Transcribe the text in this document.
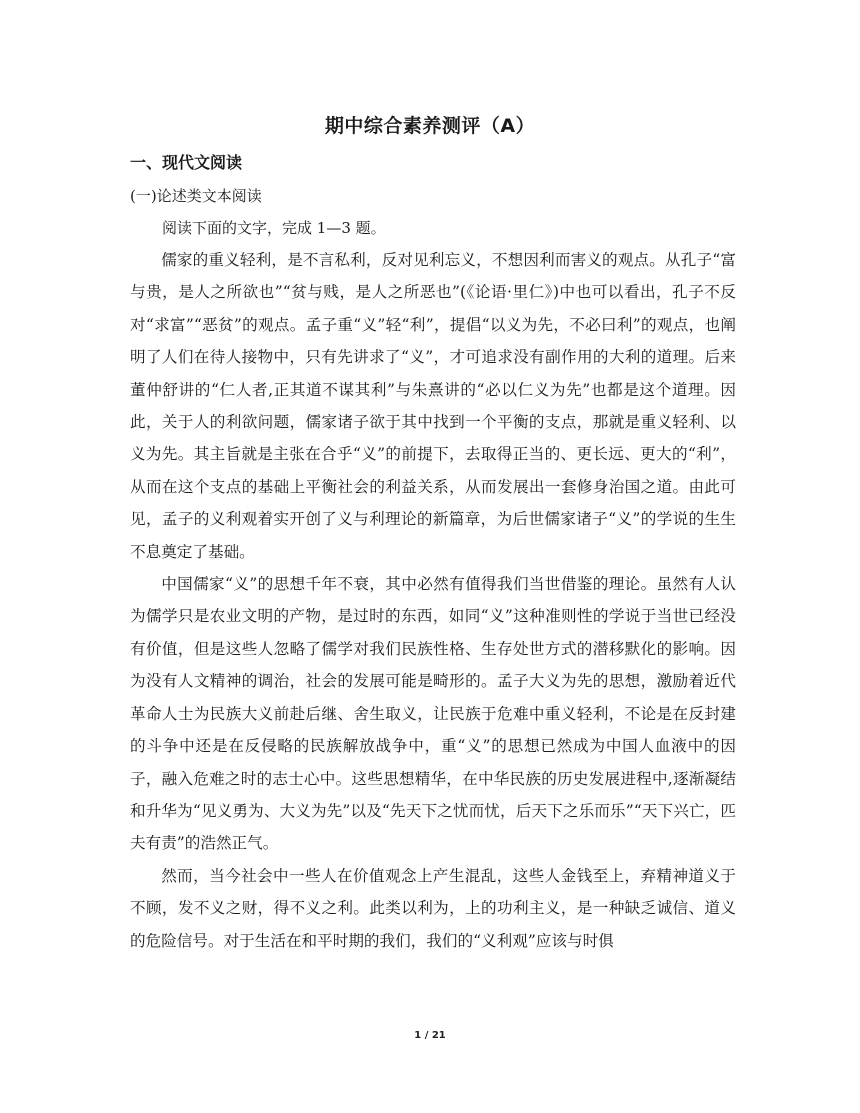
期中综合素养测评（A）
一、现代文阅读
(一)论述类文本阅读
阅读下面的文字，完成 1—3 题。

儒家的重义轻利，是不言私利，反对见利忘义，不想因利而害义的观点。从孔子“富与贵，是人之所欲也”“贫与贱，是人之所恶也”(《论语·里仁》)中也可以看出，孔子不反对“求富”“恶贫”的观点。孟子重“义”轻“利”，提倡“以义为先，不必曰利”的观点，也阐明了人们在待人接物中，只有先讲求了“义”，才可追求没有副作用的大利的道理。后来董仲舒讲的“仁人者,正其道不谋其利”与朱熹讲的“必以仁义为先”也都是这个道理。因此，关于人的利欲问题，儒家诸子欲于其中找到一个平衡的支点，那就是重义轻利、以义为先。其主旨就是主张在合乎“义”的前提下，去取得正当的、更长远、更大的“利”，从而在这个支点的基础上平衡社会的利益关系，从而发展出一套修身治国之道。由此可见，孟子的义利观着实开创了义与利理论的新篇章，为后世儒家诸子“义”的学说的生生不息奠定了基础。

中国儒家“义”的思想千年不衰，其中必然有值得我们当世借鉴的理论。虽然有人认为儒学只是农业文明的产物，是过时的东西，如同“义”这种准则性的学说于当世已经没有价值，但是这些人忽略了儒学对我们民族性格、生存处世方式的潜移默化的影响。因为没有人文精神的调治，社会的发展可能是畸形的。孟子大义为先的思想，激励着近代革命人士为民族大义前赴后继、舍生取义，让民族于危难中重义轻利，不论是在反封建的斗争中还是在反侵略的民族解放战争中，重“义”的思想已然成为中国人血液中的因子，融入危难之时的志士心中。这些思想精华，在中华民族的历史发展进程中,逐渐凝结和升华为“见义勇为、大义为先”以及“先天下之忧而忧，后天下之乐而乐”“天下兴亡，匹夫有责”的浩然正气。

然而，当今社会中一些人在价值观念上产生混乱，这些人金钱至上，弃精神道义于不顾，发不义之财，得不义之利。此类以利为，上的功利主义，是一种缺乏诚信、道义的危险信号。对于生活在和平时期的我们，我们的“义利观”应该与时俱

1 / 21
